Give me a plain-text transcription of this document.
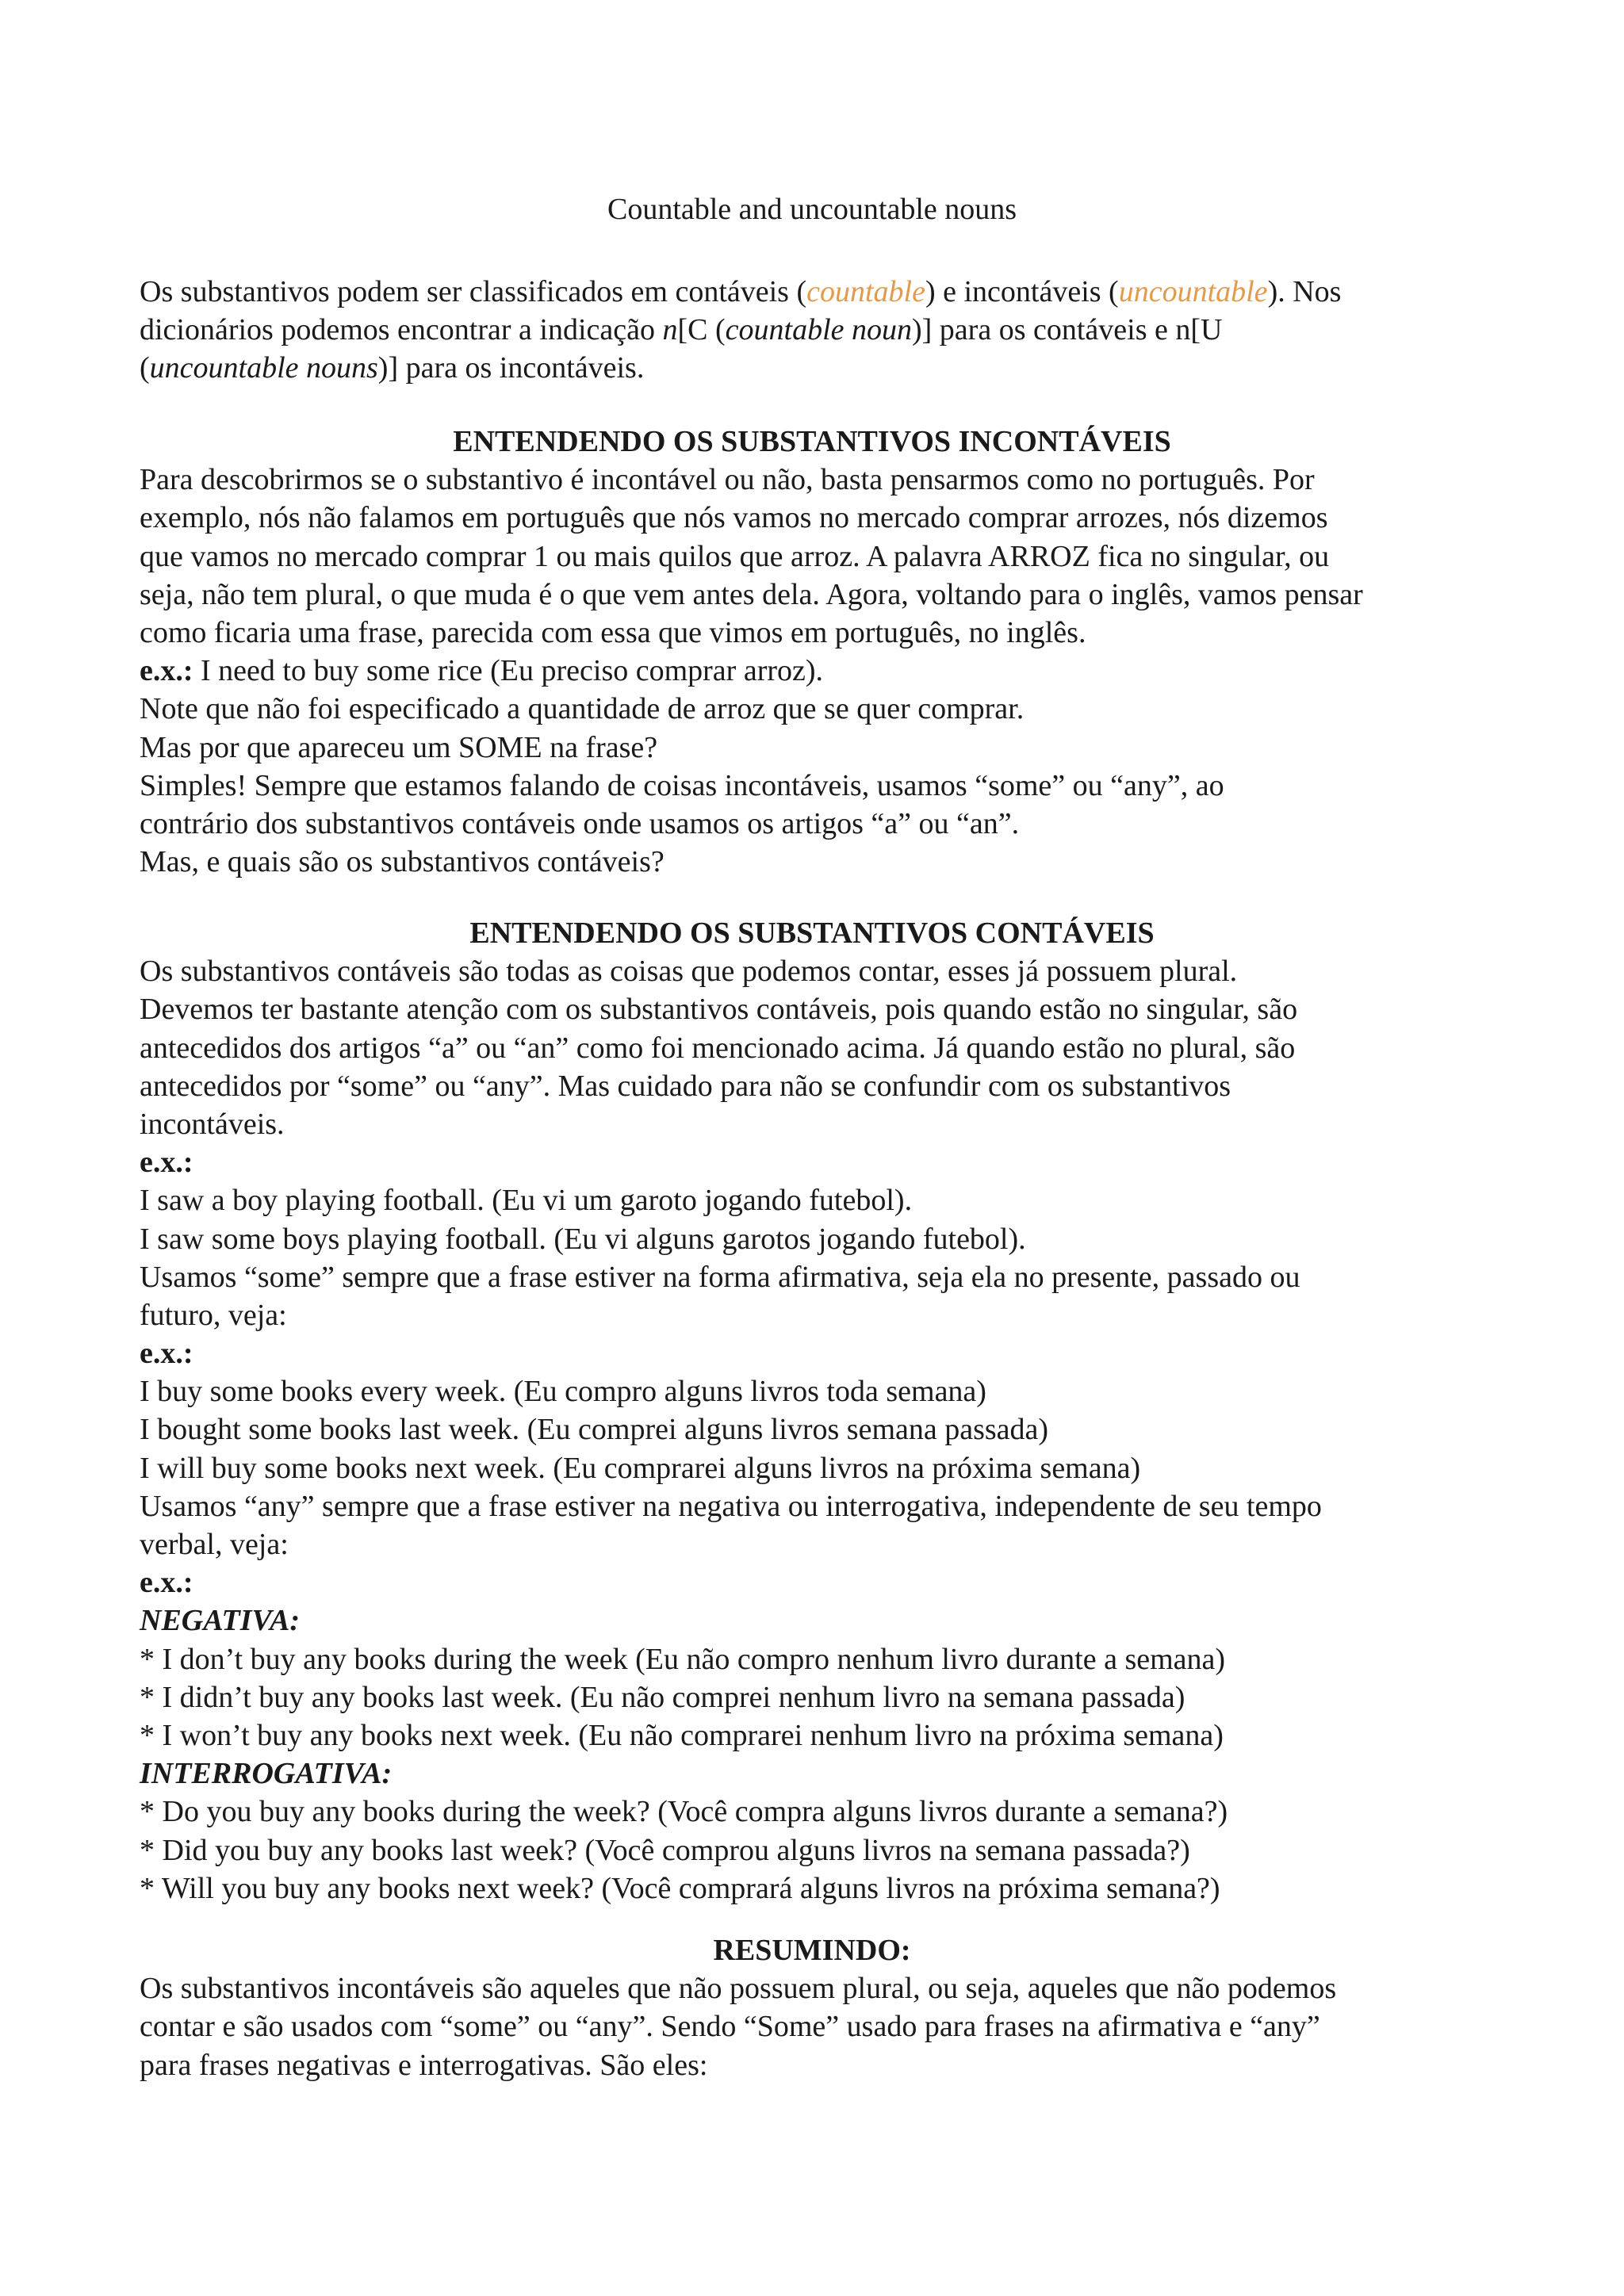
Countable and uncountable nouns
Os substantivos podem ser classificados em contáveis (countable) e incontáveis (uncountable). Nos
dicionários podemos encontrar a indicação n[C (countable noun)] para os contáveis e n[U
(uncountable nouns)] para os incontáveis.
ENTENDENDO OS SUBSTANTIVOS INCONTÁVEIS
Para descobrirmos se o substantivo é incontável ou não, basta pensarmos como no português. Por
exemplo, nós não falamos em português que nós vamos no mercado comprar arrozes, nós dizemos
que vamos no mercado comprar 1 ou mais quilos que arroz. A palavra ARROZ fica no singular, ou
seja, não tem plural, o que muda é o que vem antes dela. Agora, voltando para o inglês, vamos pensar
como ficaria uma frase, parecida com essa que vimos em português, no inglês.
e.x.: I need to buy some rice (Eu preciso comprar arroz).
Note que não foi especificado a quantidade de arroz que se quer comprar.
Mas por que apareceu um SOME na frase?
Simples! Sempre que estamos falando de coisas incontáveis, usamos “some” ou “any”, ao
contrário dos substantivos contáveis onde usamos os artigos “a” ou “an”.
Mas, e quais são os substantivos contáveis?
ENTENDENDO OS SUBSTANTIVOS CONTÁVEIS
Os substantivos contáveis são todas as coisas que podemos contar, esses já possuem plural.
Devemos ter bastante atenção com os substantivos contáveis, pois quando estão no singular, são
antecedidos dos artigos “a” ou “an” como foi mencionado acima. Já quando estão no plural, são
antecedidos por “some” ou “any”. Mas cuidado para não se confundir com os substantivos
incontáveis.
e.x.:
I saw a boy playing football. (Eu vi um garoto jogando futebol).
I saw some boys playing football. (Eu vi alguns garotos jogando futebol).
Usamos “some” sempre que a frase estiver na forma afirmativa, seja ela no presente, passado ou
futuro, veja:
e.x.:
I buy some books every week. (Eu compro alguns livros toda semana)
I bought some books last week. (Eu comprei alguns livros semana passada)
I will buy some books next week. (Eu comprarei alguns livros na próxima semana)
Usamos “any” sempre que a frase estiver na negativa ou interrogativa, independente de seu tempo
verbal, veja:
e.x.:
NEGATIVA:
* I don’t buy any books during the week (Eu não compro nenhum livro durante a semana)
* I didn’t buy any books last week. (Eu não comprei nenhum livro na semana passada)
* I won’t buy any books next week. (Eu não comprarei nenhum livro na próxima semana)
INTERROGATIVA:
* Do you buy any books during the week? (Você compra alguns livros durante a semana?)
* Did you buy any books last week? (Você comprou alguns livros na semana passada?)
* Will you buy any books next week? (Você comprará alguns livros na próxima semana?)
RESUMINDO:
Os substantivos incontáveis são aqueles que não possuem plural, ou seja, aqueles que não podemos
contar e são usados com “some” ou “any”. Sendo “Some” usado para frases na afirmativa e “any”
para frases negativas e interrogativas. São eles:
